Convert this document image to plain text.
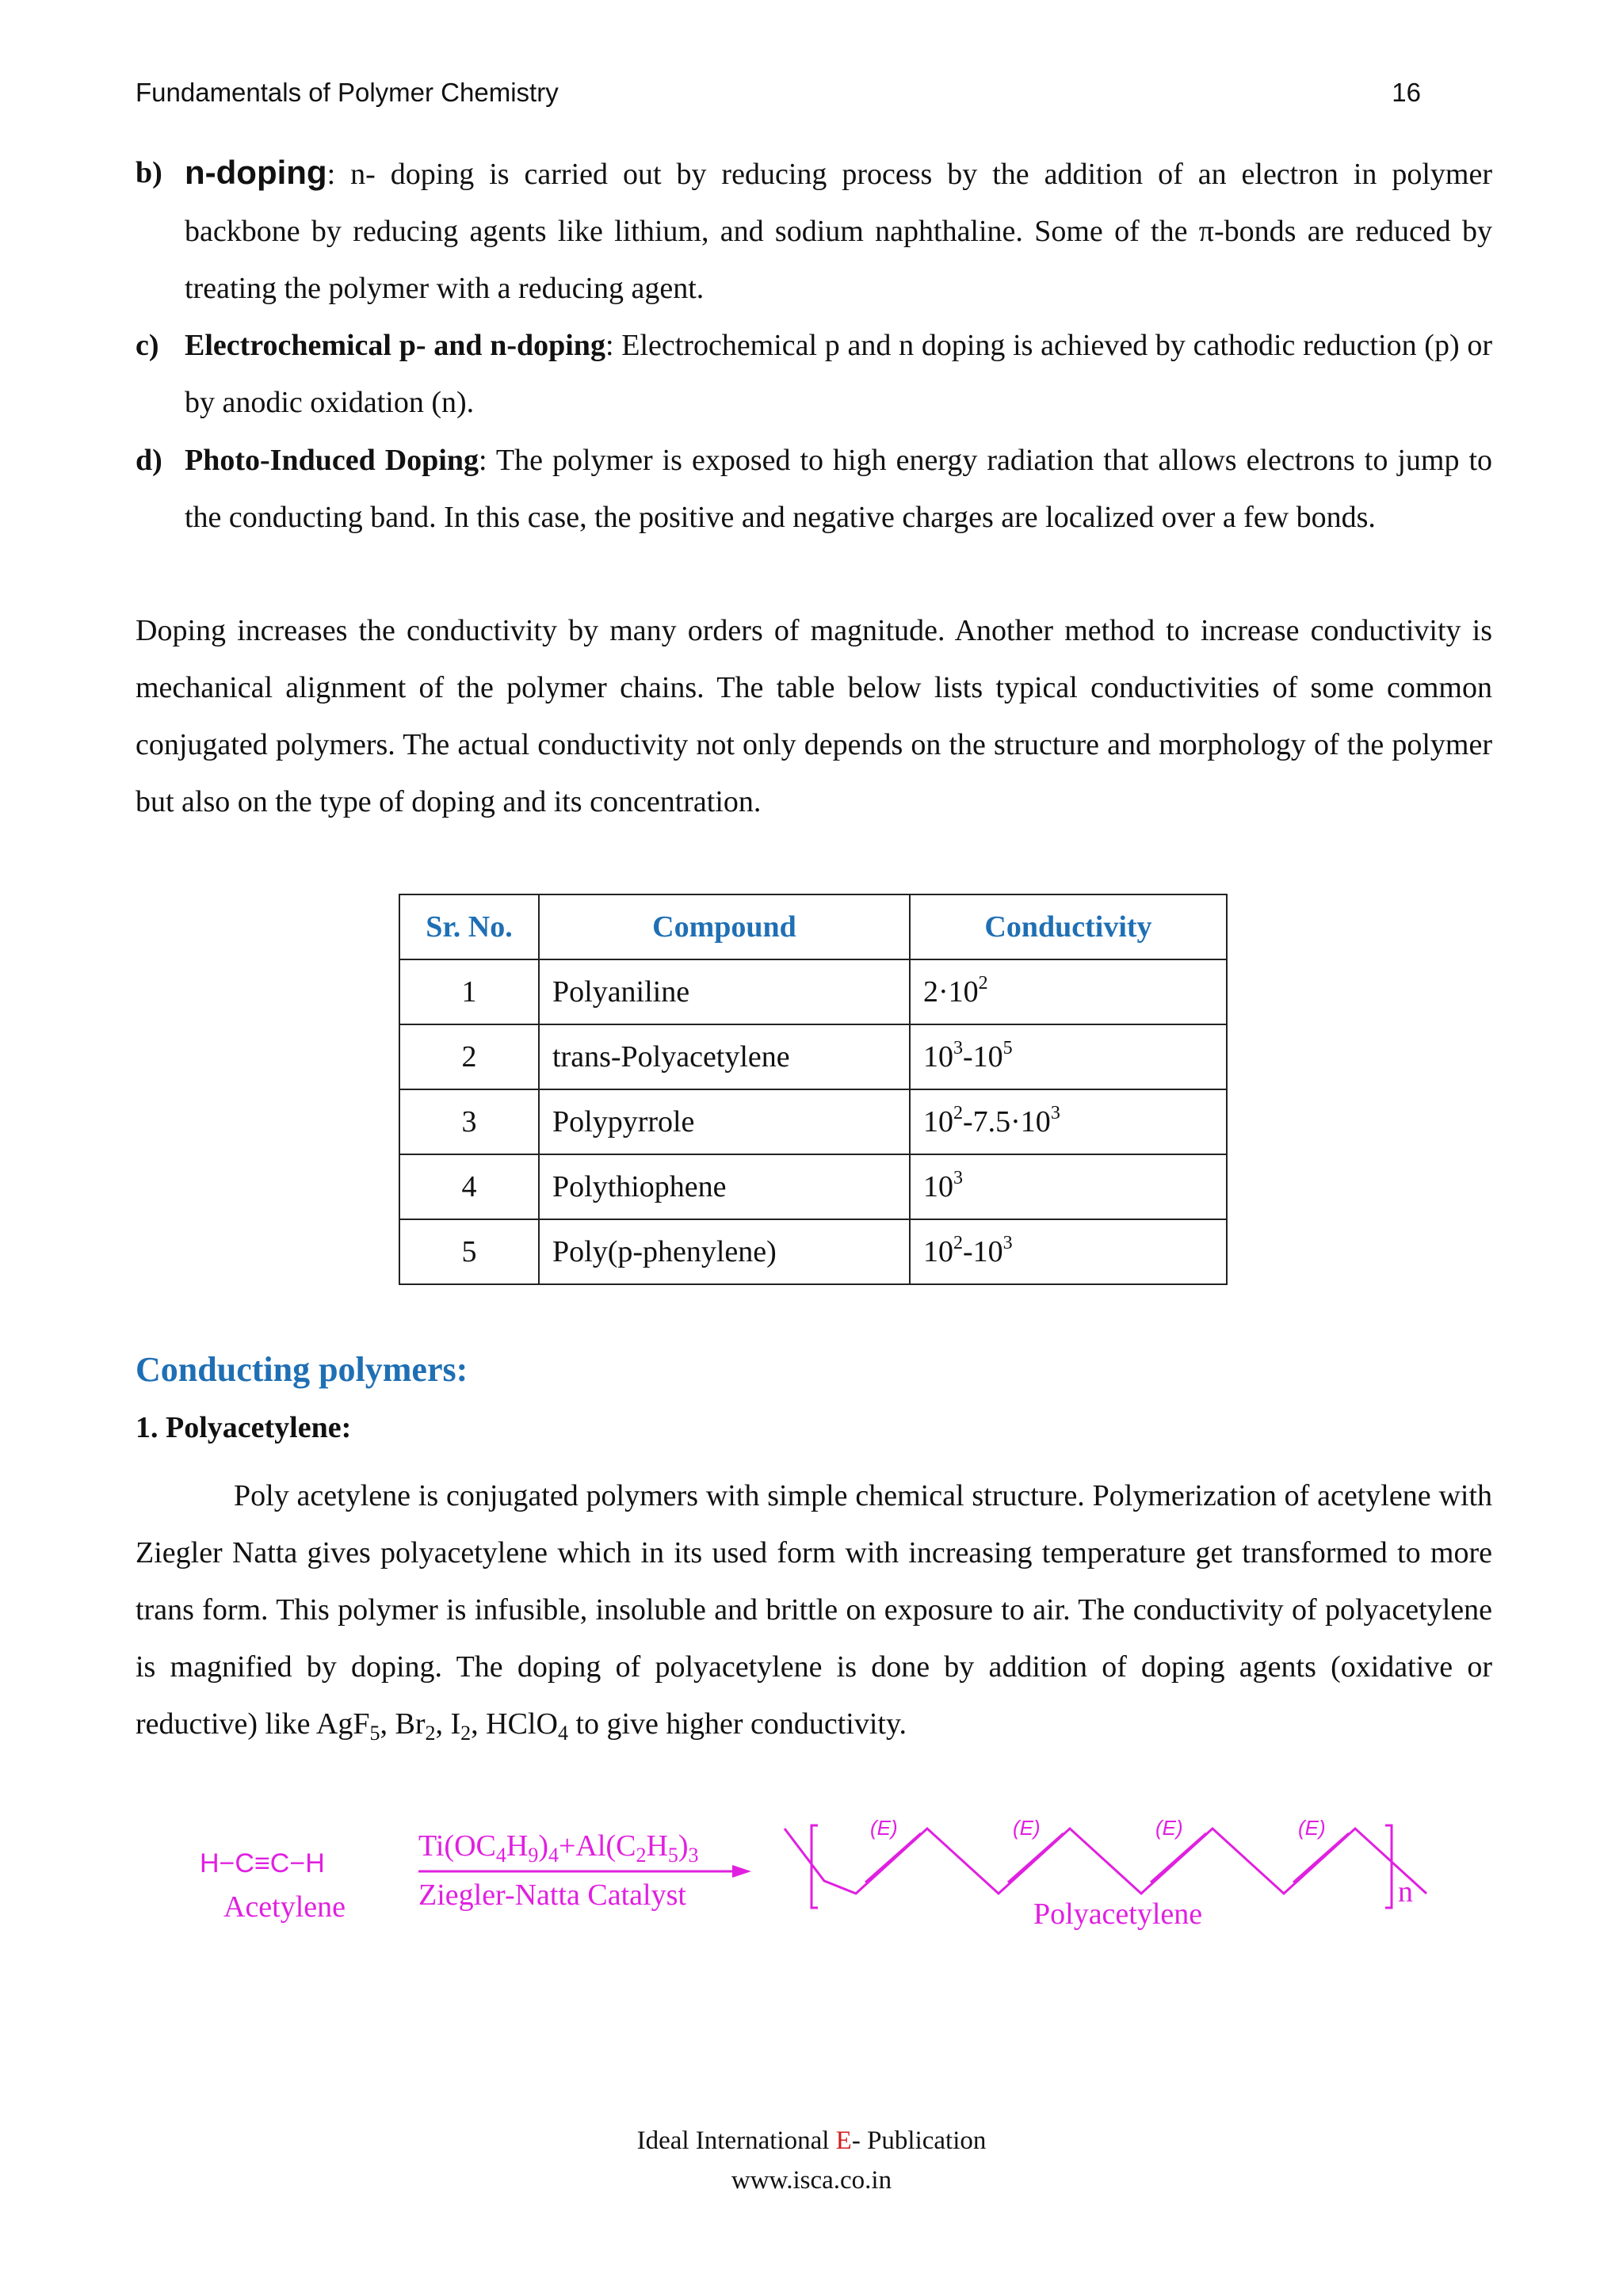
Fundamentals of Polymer Chemistry	16
b) n-doping: n- doping is carried out by reducing process by the addition of an electron in polymer backbone by reducing agents like lithium, and sodium naphthaline. Some of the π-bonds are reduced by treating the polymer with a reducing agent.
c) Electrochemical p- and n-doping: Electrochemical p and n doping is achieved by cathodic reduction (p) or by anodic oxidation (n).
d) Photo-Induced Doping: The polymer is exposed to high energy radiation that allows electrons to jump to the conducting band. In this case, the positive and negative charges are localized over a few bonds.
Doping increases the conductivity by many orders of magnitude. Another method to increase conductivity is mechanical alignment of the polymer chains. The table below lists typical conductivities of some common conjugated polymers. The actual conductivity not only depends on the structure and morphology of the polymer but also on the type of doping and its concentration.
Sr. No.	Compound	Conductivity
1	Polyaniline	$2\cdot 10^2$
2	trans-Polyacetylene	$10^3-10^5$
3	Polypyrrole	$10^2-7.5\cdot 10^3$
4	Polythiophene	$10^3$
5	Poly(p-phenylene)	$10^2-10^3$
Conducting polymers:
1. Polyacetylene:
Poly acetylene is conjugated polymers with simple chemical structure. Polymerization of acetylene with Ziegler Natta gives polyacetylene which in its used form with increasing temperature get transformed to more trans form. This polymer is infusible, insoluble and brittle on exposure to air. The conductivity of polyacetylene is magnified by doping. The doping of polyacetylene is done by addition of doping agents (oxidative or reductive) like AgF$_5$, $Br_2$, $I_2$, HClO$_4$ to give higher conductivity.
H−C≡C−H
Acetylene
$Ti(OC_4H_9)_4+Al(C_2H_5)_3$
Ziegler-Natta Catalyst
(E)	(E)	(E)	(E)
n
Polyacetylene
Ideal International E- Publication
www.isca.co.in
